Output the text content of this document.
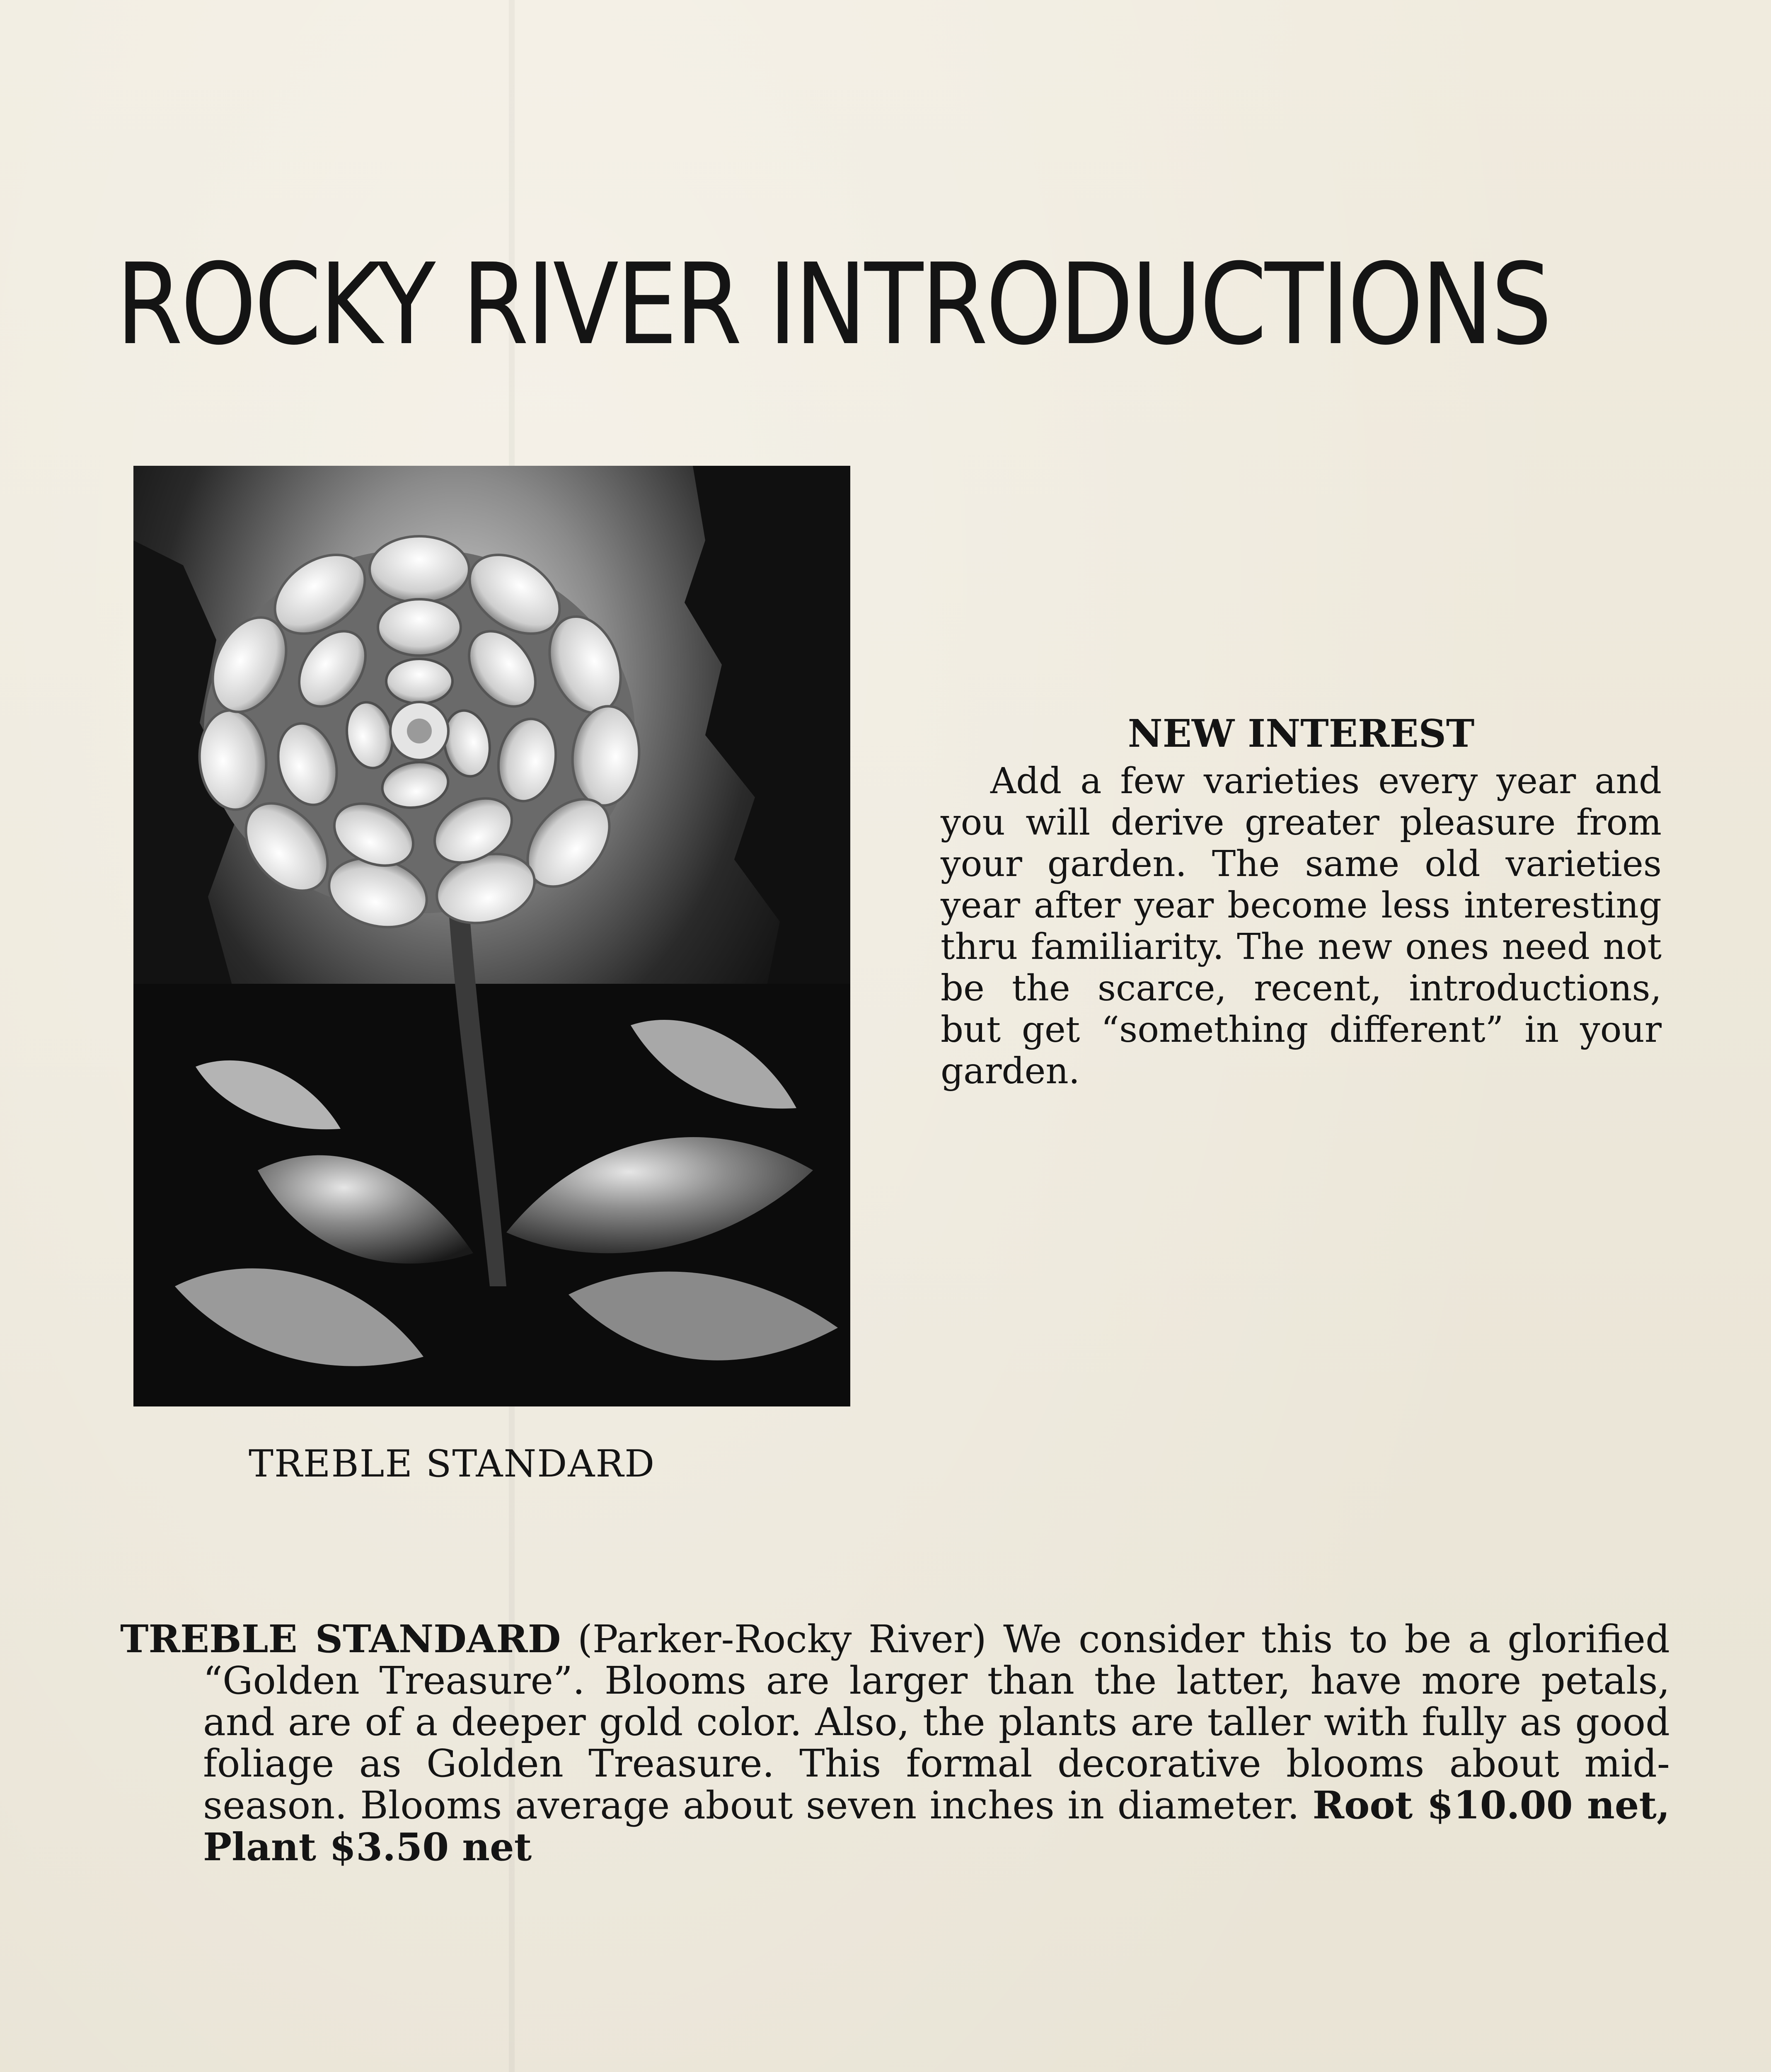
ROCKY RIVER INTRODUCTIONS
TREBLE STANDARD
NEW INTEREST

Add a few varieties every year and you will derive greater pleasure from your garden. The same old varieties year after year become less interesting thru familiarity. The new ones need not be the scarce, recent, introductions, but get “something different” in your garden.

TREBLE STANDARD (Parker-Rocky River) We consider this to be a glorified “Golden Treasure”. Blooms are larger than the latter, have more petals, and are of a deeper gold color. Also, the plants are taller with fully as good foliage as Golden Treasure. This formal decorative blooms about mid-season. Blooms average about seven inches in diameter. Root $10.00 net, Plant $3.50 net
